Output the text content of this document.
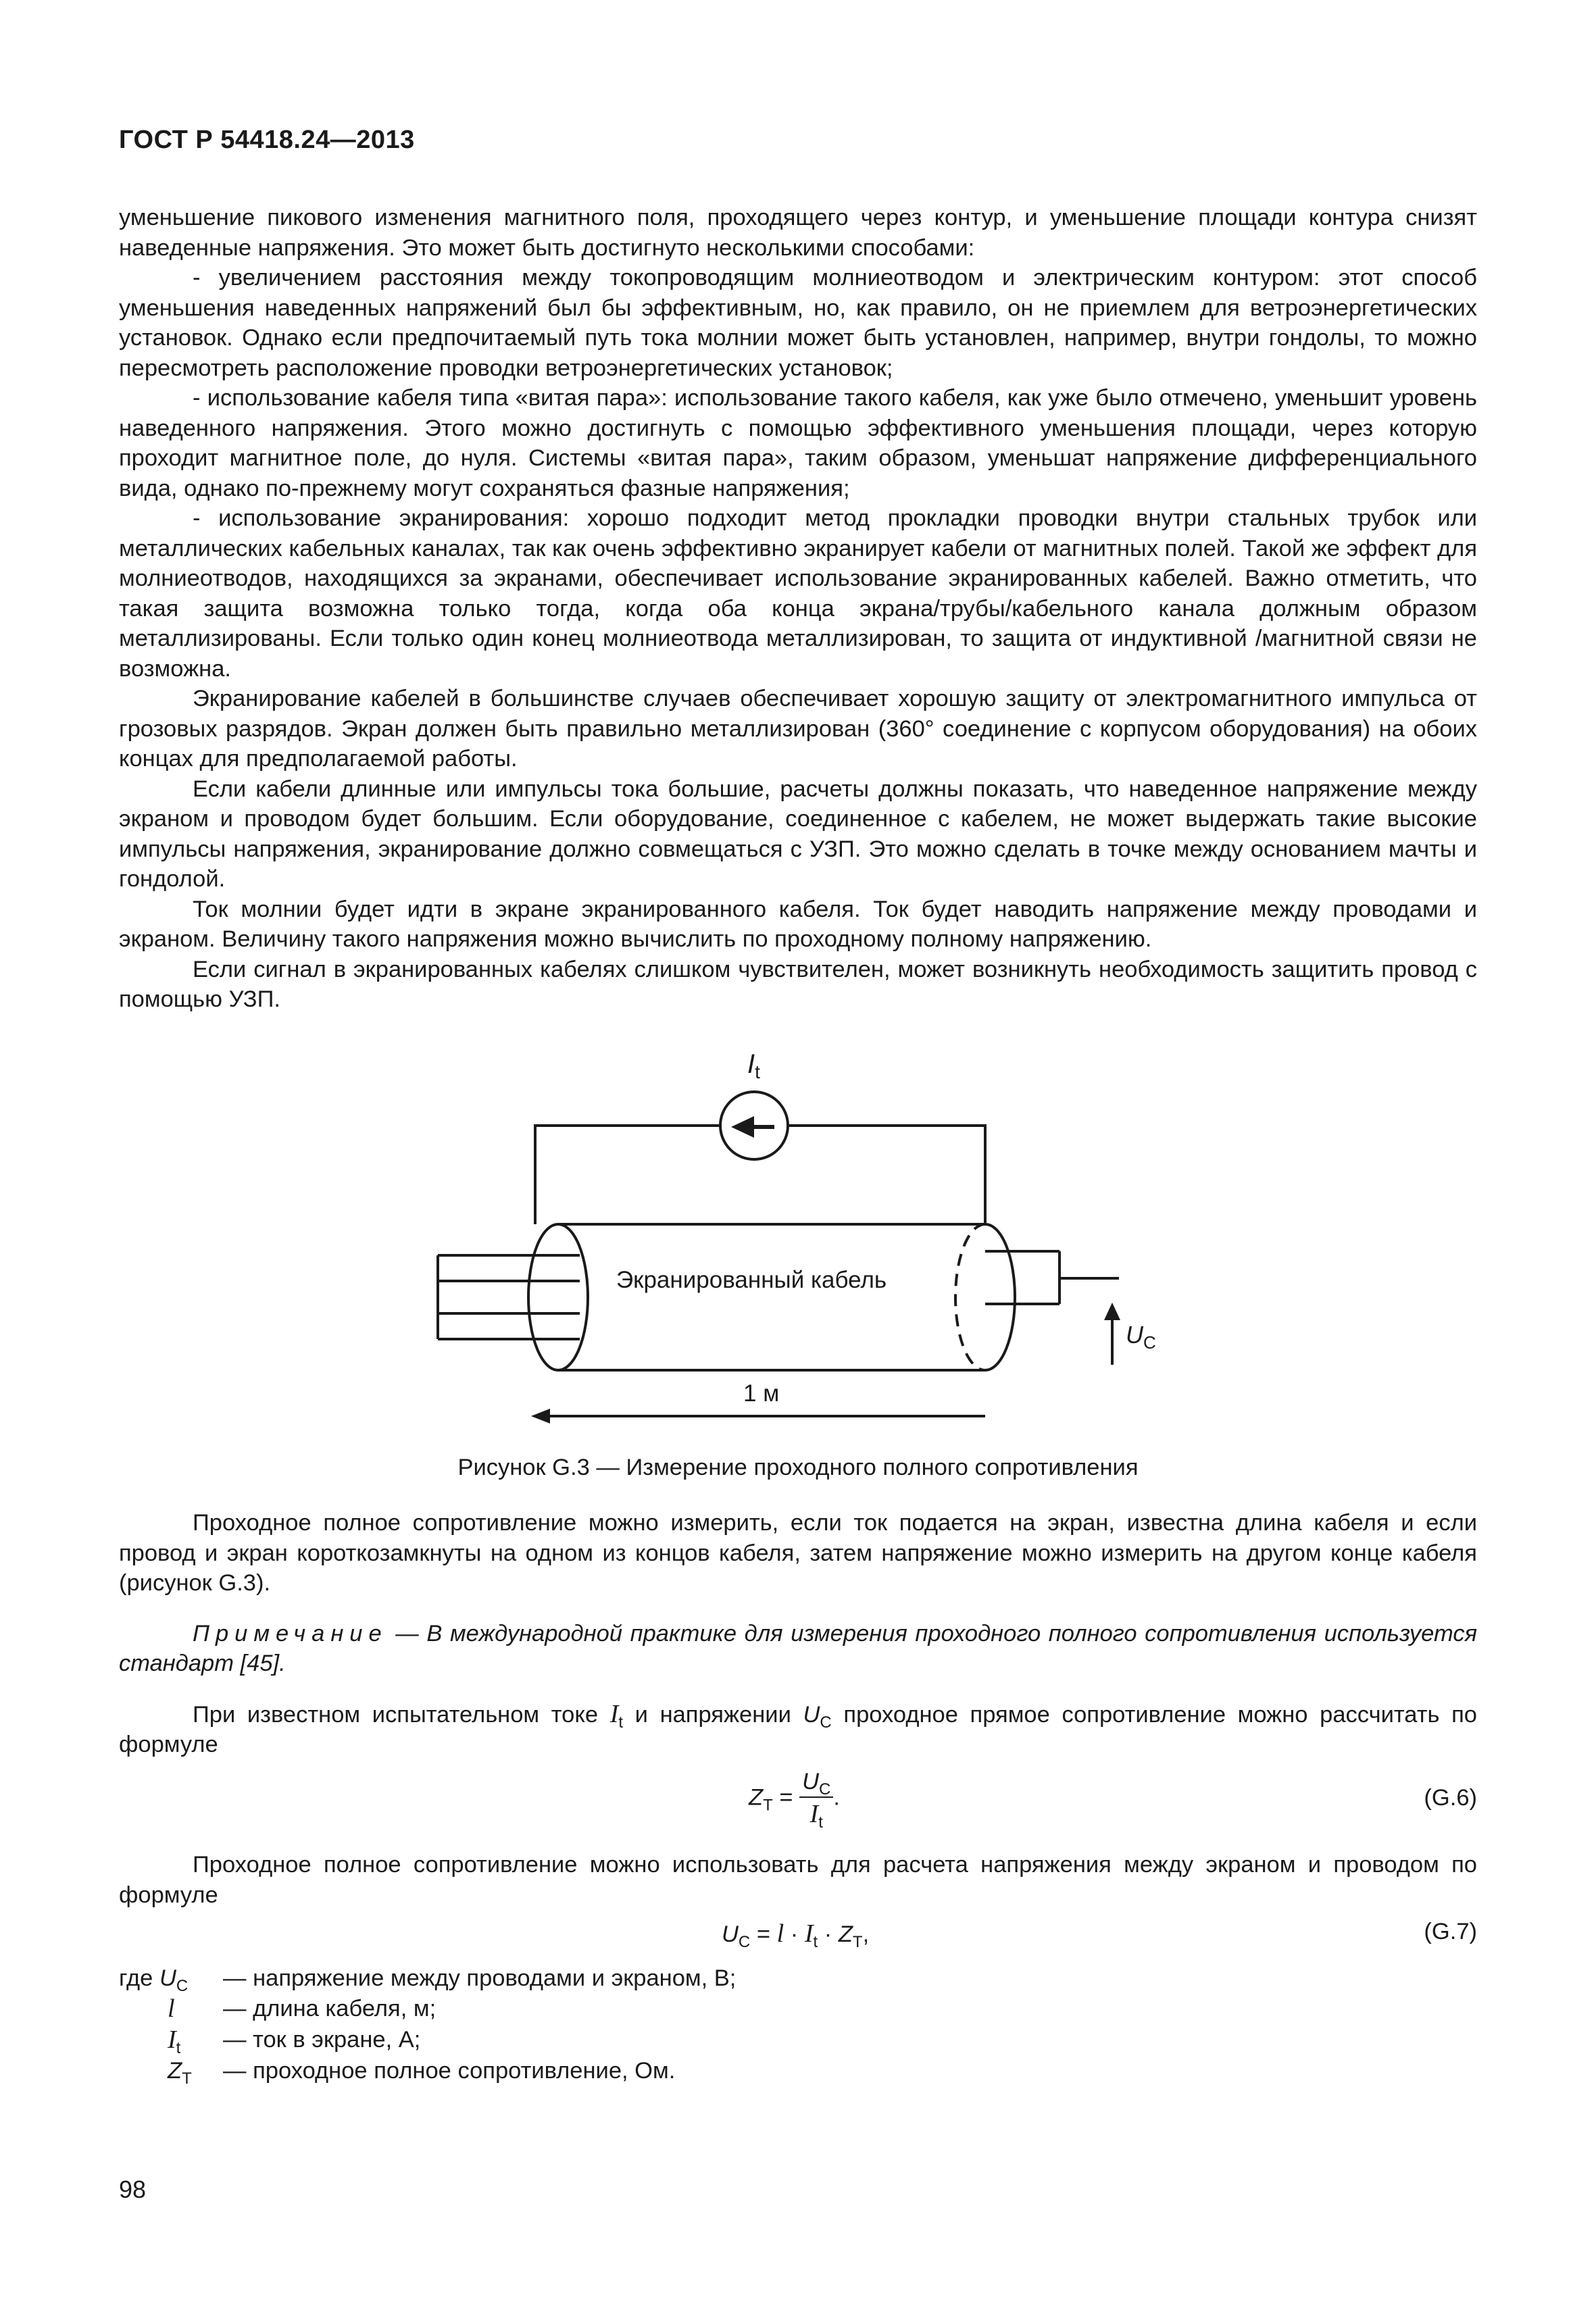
ГОСТ Р 54418.24—2013

уменьшение пикового изменения магнитного поля, проходящего через контур, и уменьшение площади контура снизят наведенные напряжения. Это может быть достигнуто несколькими способами:

- увеличением расстояния между токопроводящим молниеотводом и электрическим контуром: этот способ уменьшения наведенных напряжений был бы эффективным, но, как правило, он не приемлем для ветроэнергетических установок. Однако если предпочитаемый путь тока молнии может быть установлен, например, внутри гондолы, то можно пересмотреть расположение проводки ветроэнергетических установок;

- использование кабеля типа «витая пара»: использование такого кабеля, как уже было отмечено, уменьшит уровень наведенного напряжения. Этого можно достигнуть с помощью эффективного уменьшения площади, через которую проходит магнитное поле, до нуля. Системы «витая пара», таким образом, уменьшат напряжение дифференциального вида, однако по-прежнему могут сохраняться фазные напряжения;

- использование экранирования: хорошо подходит метод прокладки проводки внутри стальных трубок или металлических кабельных каналах, так как очень эффективно экранирует кабели от магнитных полей. Такой же эффект для молниеотводов, находящихся за экранами, обеспечивает использование экранированных кабелей. Важно отметить, что такая защита возможна только тогда, когда оба конца экрана/трубы/кабельного канала должным образом металлизированы. Если только один конец молниеотвода металлизирован, то защита от индуктивной /магнитной связи не возможна.

Экранирование кабелей в большинстве случаев обеспечивает хорошую защиту от электромагнитного импульса от грозовых разрядов. Экран должен быть правильно металлизирован (360° соединение с корпусом оборудования) на обоих концах для предполагаемой работы.

Если кабели длинные или импульсы тока большие, расчеты должны показать, что наведенное напряжение между экраном и проводом будет большим. Если оборудование, соединенное с кабелем, не может выдержать такие высокие импульсы напряжения, экранирование должно совмещаться с УЗП. Это можно сделать в точке между основанием мачты и гондолой.

Ток молнии будет идти в экране экранированного кабеля. Ток будет наводить напряжение между проводами и экраном. Величину такого напряжения можно вычислить по проходному полному напряжению.

Если сигнал в экранированных кабелях слишком чувствителен, может возникнуть необходимость защитить провод с помощью УЗП.

$I_t$
Экранированный кабель
$U_C$
1 м

Рисунок G.3 — Измерение проходного полного сопротивления

Проходное полное сопротивление можно измерить, если ток подается на экран, известна длина кабеля и если провод и экран короткозамкнуты на одном из концов кабеля, затем напряжение можно измерить на другом конце кабеля (рисунок G.3).

Примечание — В международной практике для измерения проходного полного сопротивления используется стандарт [45].

При известном испытательном токе $I_t$ и напряжении $U_C$ проходное прямое сопротивление можно рассчитать по формуле

$Z_T = \frac{U_C}{I_t}$ .	(G.6)

Проходное полное сопротивление можно использовать для расчета напряжения между экраном и проводом по формуле

$U_C = l \cdot I_t \cdot Z_T$,	(G.7)
где $U_C$	— напряжение между проводами и экраном, В;
l	— длина кабеля, м;
$I_t$	— ток в экране, А;
$Z_T$	— проходное полное сопротивление, Ом.
98
